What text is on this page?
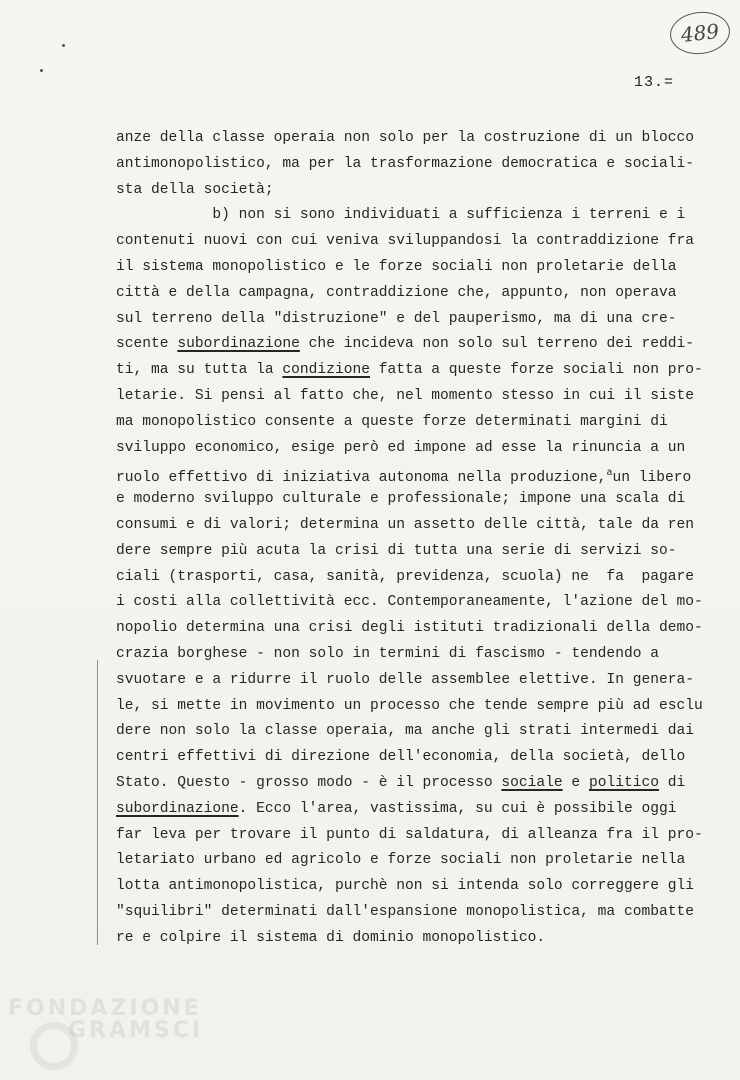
489
13.=
anze della classe operaia non solo per la costruzione di un blocco
antimonopolistico, ma per la trasformazione democratica e sociali-
sta della società;
b) non si sono individuati a sufficienza i terreni e i
contenuti nuovi con cui veniva sviluppandosi la contraddizione fra
il sistema monopolistico e le forze sociali non proletarie della
città e della campagna, contraddizione che, appunto, non operava
sul terreno della "distruzione" e del pauperismo, ma di una cre-
scente subordinazione che incideva non solo sul terreno dei reddi-
ti, ma su tutta la condizione fatta a queste forze sociali non pro-
letarie. Si pensi al fatto che, nel momento stesso in cui il siste
ma monopolistico consente a queste forze determinati margini di
sviluppo economico, esige però ed impone ad esse la rinuncia a un
ruolo effettivo di iniziativa autonoma nella produzione,$^a$un libero
e moderno sviluppo culturale e professionale; impone una scala di
consumi e di valori; determina un assetto delle città, tale da ren
dere sempre più acuta la crisi di tutta una serie di servizi so-
ciali (trasporti, casa, sanità, previdenza, scuola) ne  fa  pagare
i costi alla collettività ecc. Contemporaneamente, l'azione del mo-
nopolio determina una crisi degli istituti tradizionali della demo-
crazia borghese - non solo in termini di fascismo - tendendo a
svuotare e a ridurre il ruolo delle assemblee elettive. In genera-
le, si mette in movimento un processo che tende sempre più ad esclu
dere non solo la classe operaia, ma anche gli strati intermedi dai
centri effettivi di direzione dell'economia, della società, dello
Stato. Questo - grosso modo - è il processo sociale e politico di
subordinazione. Ecco l'area, vastissima, su cui è possibile oggi
far leva per trovare il punto di saldatura, di alleanza fra il pro-
letariato urbano ed agricolo e forze sociali non proletarie nella
lotta antimonopolistica, purchè non si intenda solo correggere gli
"squilibri" determinati dall'espansione monopolistica, ma combatte
re e colpire il sistema di dominio monopolistico.
FONDAZIONE
GRAMSCI
